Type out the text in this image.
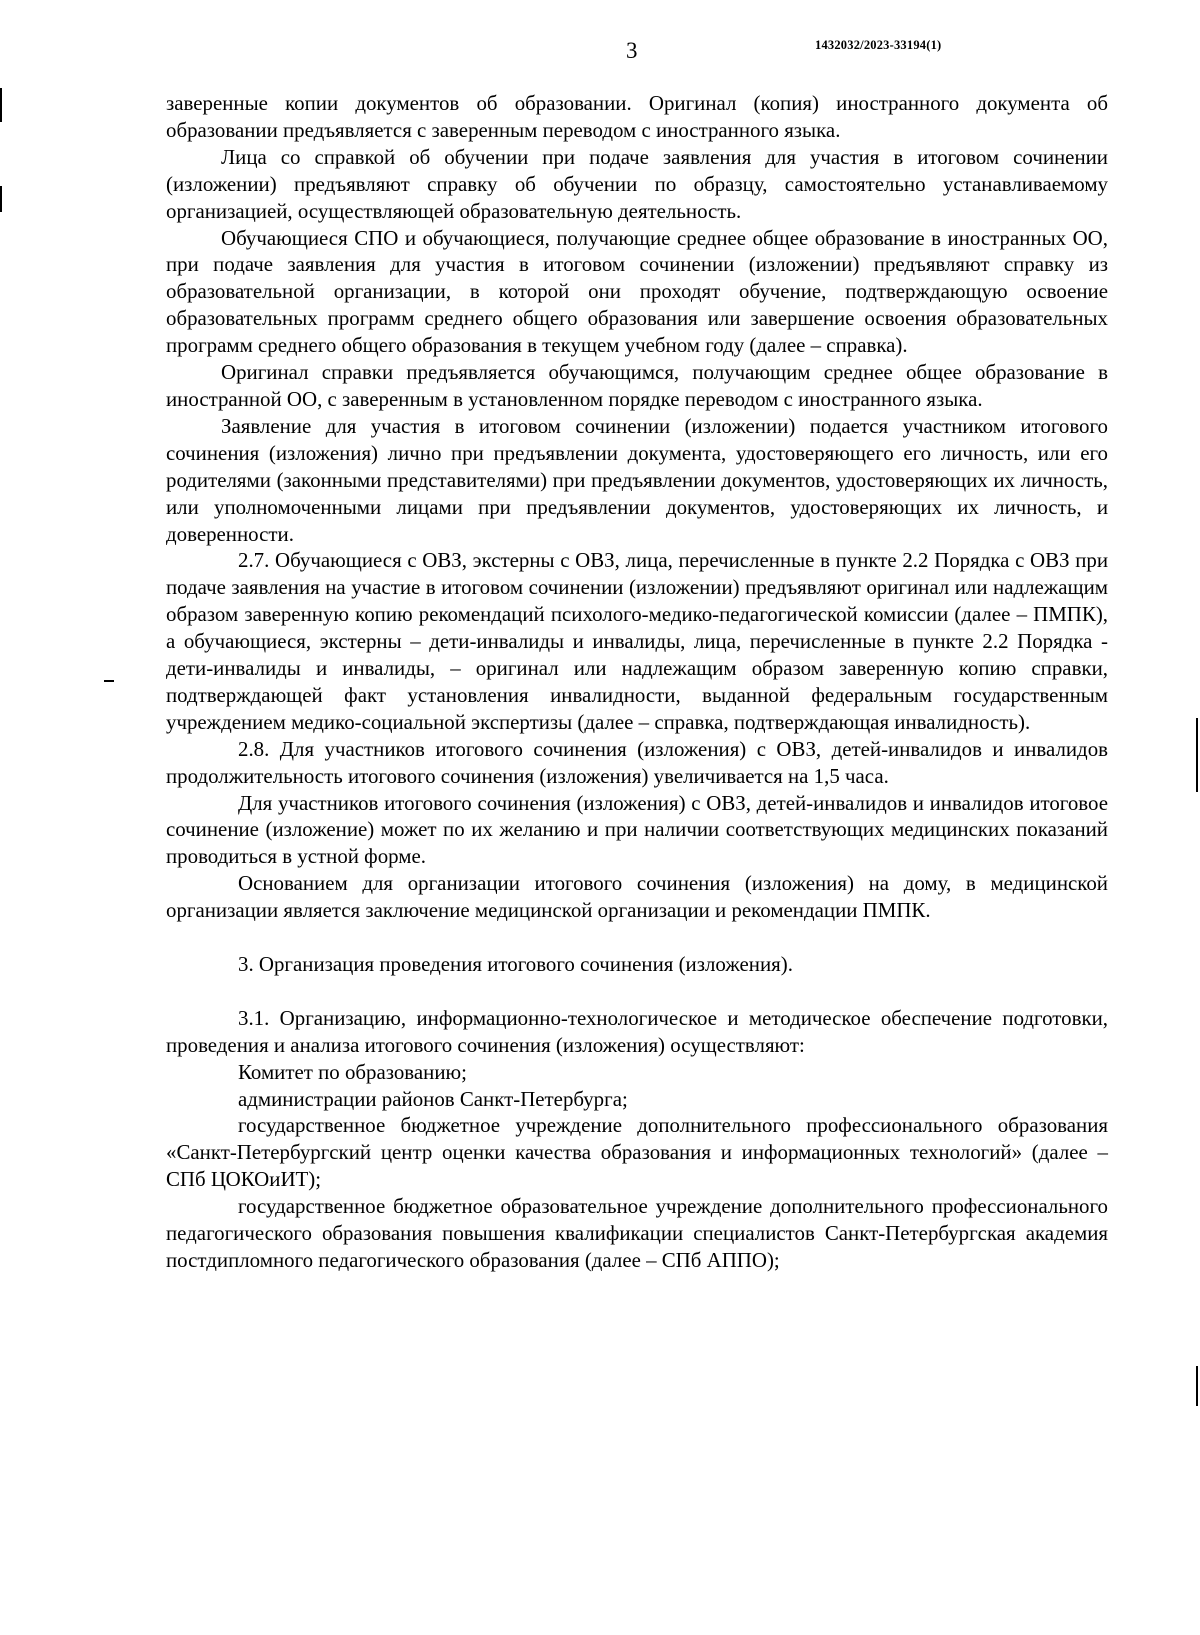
3	1432032/2023-33194(1)

заверенные копии документов об образовании. Оригинал (копия) иностранного документа об образовании предъявляется с заверенным переводом с иностранного языка.

Лица со справкой об обучении при подаче заявления для участия в итоговом сочинении (изложении) предъявляют справку об обучении по образцу, самостоятельно устанавливаемому организацией, осуществляющей образовательную деятельность.

Обучающиеся СПО и обучающиеся, получающие среднее общее образование в иностранных ОО, при подаче заявления для участия в итоговом сочинении (изложении) предъявляют справку из образовательной организации, в которой они проходят обучение, подтверждающую освоение образовательных программ среднего общего образования или завершение освоения образовательных программ среднего общего образования в текущем учебном году (далее – справка).

Оригинал справки предъявляется обучающимся, получающим среднее общее образование в иностранной ОО, с заверенным в установленном порядке переводом с иностранного языка.

Заявление для участия в итоговом сочинении (изложении) подается участником итогового сочинения (изложения) лично при предъявлении документа, удостоверяющего его личность, или его родителями (законными представителями) при предъявлении документов, удостоверяющих их личность, или уполномоченными лицами при предъявлении документов, удостоверяющих их личность, и доверенности.

2.7. Обучающиеся с ОВЗ, экстерны с ОВЗ, лица, перечисленные в пункте 2.2 Порядка с ОВЗ при подаче заявления на участие в итоговом сочинении (изложении) предъявляют оригинал или надлежащим образом заверенную копию рекомендаций психолого-медико-педагогической комиссии (далее – ПМПК), а обучающиеся, экстерны – дети-инвалиды и инвалиды, лица, перечисленные в пункте 2.2 Порядка - дети-инвалиды и инвалиды, – оригинал или надлежащим образом заверенную копию справки, подтверждающей факт установления инвалидности, выданной федеральным государственным учреждением медико-социальной экспертизы (далее – справка, подтверждающая инвалидность).

2.8. Для участников итогового сочинения (изложения) с ОВЗ, детей-инвалидов и инвалидов продолжительность итогового сочинения (изложения) увеличивается на 1,5 часа.

Для участников итогового сочинения (изложения) с ОВЗ, детей-инвалидов и инвалидов итоговое сочинение (изложение) может по их желанию и при наличии соответствующих медицинских показаний проводиться в устной форме.

Основанием для организации итогового сочинения (изложения) на дому, в медицинской организации является заключение медицинской организации и рекомендации ПМПК.

3. Организация проведения итогового сочинения (изложения).

3.1. Организацию, информационно-технологическое и методическое обеспечение подготовки, проведения и анализа итогового сочинения (изложения) осуществляют:

Комитет по образованию;

администрации районов Санкт-Петербурга;

государственное бюджетное учреждение дополнительного профессионального образования «Санкт-Петербургский центр оценки качества образования и информационных технологий» (далее – СПб ЦОКОиИТ);

государственное бюджетное образовательное учреждение дополнительного профессионального педагогического образования повышения квалификации специалистов Санкт-Петербургская академия постдипломного педагогического образования (далее – СПб АППО);
